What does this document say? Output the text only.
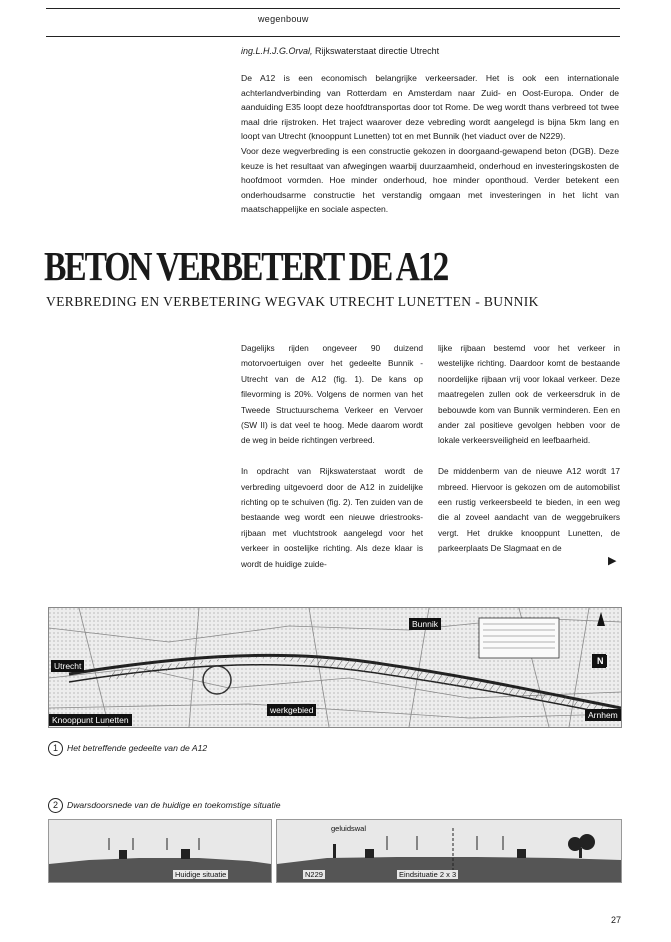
wegenbouw
ing.L.H.J.G.Orval, Rijkswaterstaat directie Utrecht

De A12 is een economisch belangrijke verkeersader. Het is ook een internationale achterlandverbinding van Rotterdam en Amsterdam naar Zuid- en Oost-Europa. Onder de aanduiding E35 loopt deze hoofdtransportas door tot Rome. De weg wordt thans verbreed tot twee maal drie rijstroken. Het traject waarover deze vebreding wordt aangelegd is bijna 5km lang en loopt van Utrecht (knooppunt Lunetten) tot en met Bunnik (het viaduct over de N229).

Voor deze wegverbreding is een constructie gekozen in doorgaand-gewapend beton (DGB). Deze keuze is het resultaat van afwegingen waarbij duurzaamheid, onderhoud en investeringskosten de hoofdmoot vormden. Hoe minder onderhoud, hoe minder oponthoud. Verder betekent een onderhoudsarme constructie het verstandig omgaan met investeringen in het licht van maatschappelijke en sociale aspecten.

BETON VERBETERT DE A12
VERBREDING EN VERBETERING WEGVAK UTRECHT LUNETTEN - BUNNIK

Dagelijks rijden ongeveer 90 duizend motorvoertuigen over het gedeelte Bunnik - Utrecht van de A12 (fig. 1). De kans op filevorming is 20%. Volgens de normen van het Tweede Structuurschema Verkeer en Vervoer (SW II) is dat veel te hoog. Mede daarom wordt de weg in beide richtingen verbreed.

In opdracht van Rijkswaterstaat wordt de verbreding uitgevoerd door de A12 in zuidelijke richting op te schuiven (fig. 2). Ten zuiden van de bestaande weg wordt een nieuwe driestrooks-rijbaan met vluchtstrook aangelegd voor het verkeer in oostelijke richting. Als deze klaar is wordt de huidige zuide-

lijke rijbaan bestemd voor het verkeer in westelijke richting. Daardoor komt de bestaande noordelijke rijbaan vrij voor lokaal verkeer. Deze maatregelen zullen ook de verkeersdruk in de bebouwde kom van Bunnik verminderen. Een en ander zal positieve gevolgen hebben voor de lokale verkeersveiligheid en leefbaarheid.

De middenberm van de nieuwe A12 wordt 17 mbreed. Hiervoor is gekozen om de automobilist een rustig verkeersbeeld te bieden, in een weg die al zoveel aandacht van de weggebruikers vergt. Het drukke knooppunt Lunetten, de parkeerplaats De Slagmaat en de

▶
Utrecht
Bunnik
Knooppunt Lunetten
werkgebied	Arnhem
N
1 Het betreffende gedeelte van de A12
2 Dwarsdoorsnede van de huidige en toekomstige situatie
Huidige situatie
geluidswal
N229	Eindsituatie 2 x 3
27
